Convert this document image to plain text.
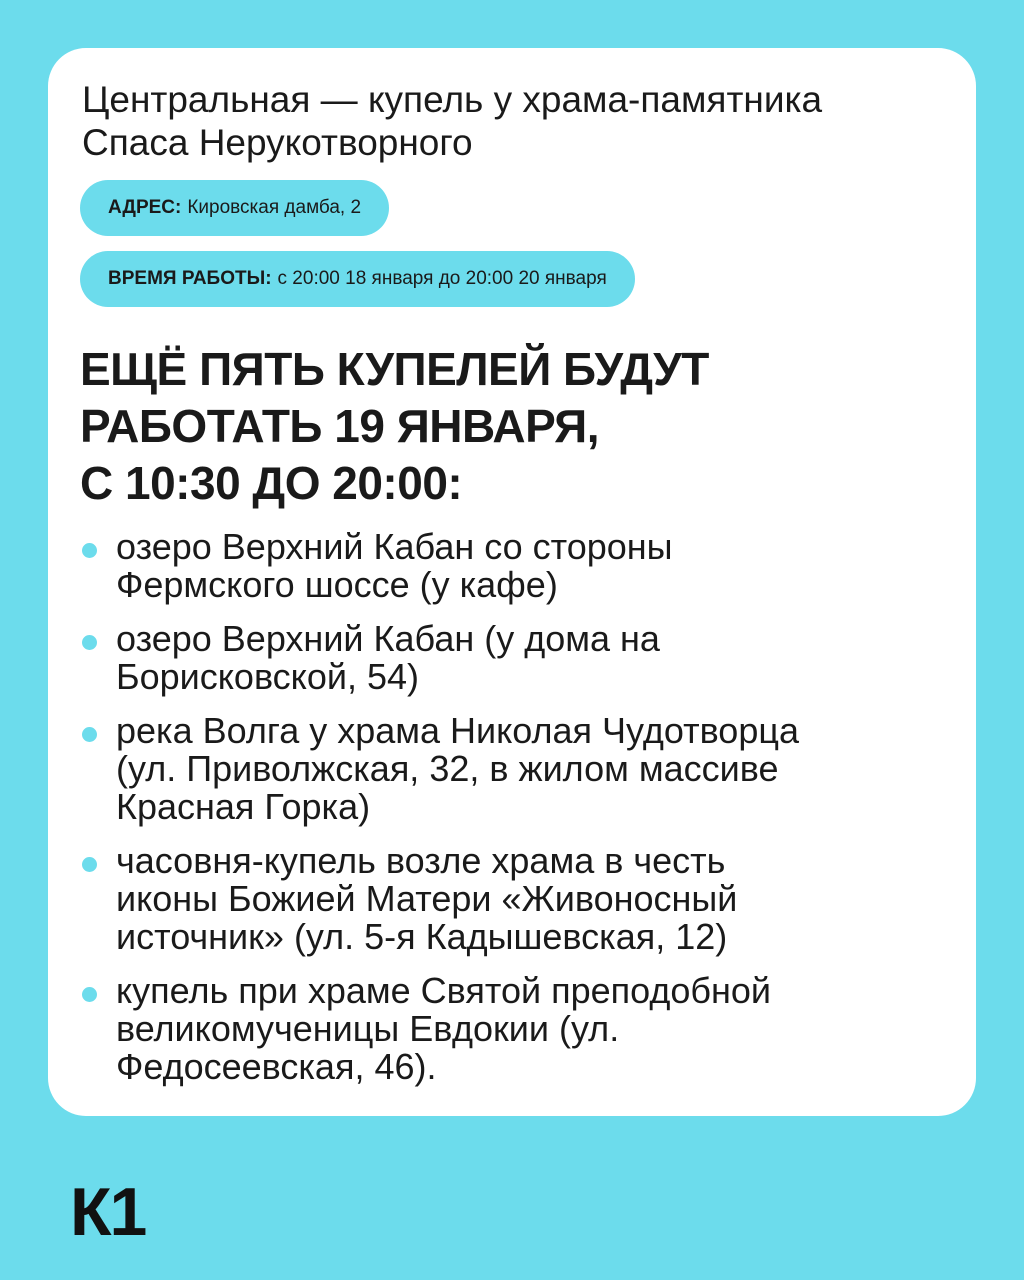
Центральная — купель у храма-памятника
Спаса Нерукотворного
АДРЕС: Кировская дамба, 2
ВРЕМЯ РАБОТЫ: с 20:00 18 января до 20:00 20 января
ЕЩЁ ПЯТЬ КУПЕЛЕЙ БУДУТ
РАБОТАТЬ 19 ЯНВАРЯ,
С 10:30 ДО 20:00:
озеро Верхний Кабан со стороны
Фермского шоссе (у кафе)
озеро Верхний Кабан (у дома на
Борисковской, 54)
река Волга у храма Николая Чудотворца
(ул. Приволжская, 32, в жилом массиве
Красная Горка)
часовня-купель возле храма в честь
иконы Божией Матери «Живоносный
источник» (ул. 5-я Кадышевская, 12)
купель при храме Святой преподобной
великомученицы Евдокии (ул.
Федосеевская, 46).
К1
